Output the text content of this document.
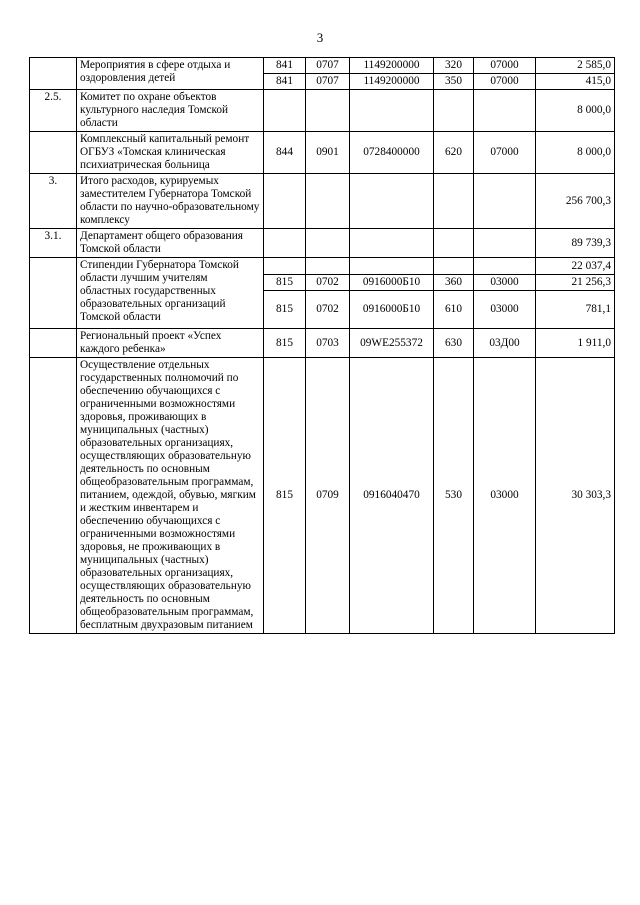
3
	Мероприятия в сфере отдыха и оздоровления детей	841	0707	1149200000	320	07000	2 585,0
		841	0707	1149200000	350	07000	415,0
2.5.	Комитет по охране объектов культурного наследия Томской области						8 000,0
	Комплексный капитальный ремонт ОГБУЗ «Томская клиническая психиатрическая больница	844	0901	0728400000	620	07000	8 000,0
3.	Итого расходов, курируемых заместителем Губернатора Томской области по научно-образовательному комплексу						256 700,3
3.1.	Департамент общего образования Томской области						89 739,3
	Стипендии Губернатора Томской области лучшим учителям областных государственных образовательных организаций Томской области						22 037,4
		815	0702	0916000Б10	360	03000	21 256,3
		815	0702	0916000Б10	610	03000	781,1
	Региональный проект «Успех каждого ребенка»	815	0703	09WE255372	630	03Д00	1 911,0
	Осуществление отдельных государственных полномочий по обеспечению обучающихся с ограниченными возможностями здоровья, проживающих в муниципальных (частных) образовательных организациях, осуществляющих образовательную деятельность по основным общеобразовательным программам, питанием, одеждой, обувью, мягким и жестким инвентарем и обеспечению обучающихся с ограниченными возможностями здоровья, не проживающих в муниципальных (частных) образовательных организациях, осуществляющих образовательную деятельность по основным общеобразовательным программам, бесплатным двухразовым питанием	815	0709	0916040470	530	03000	30 303,3
